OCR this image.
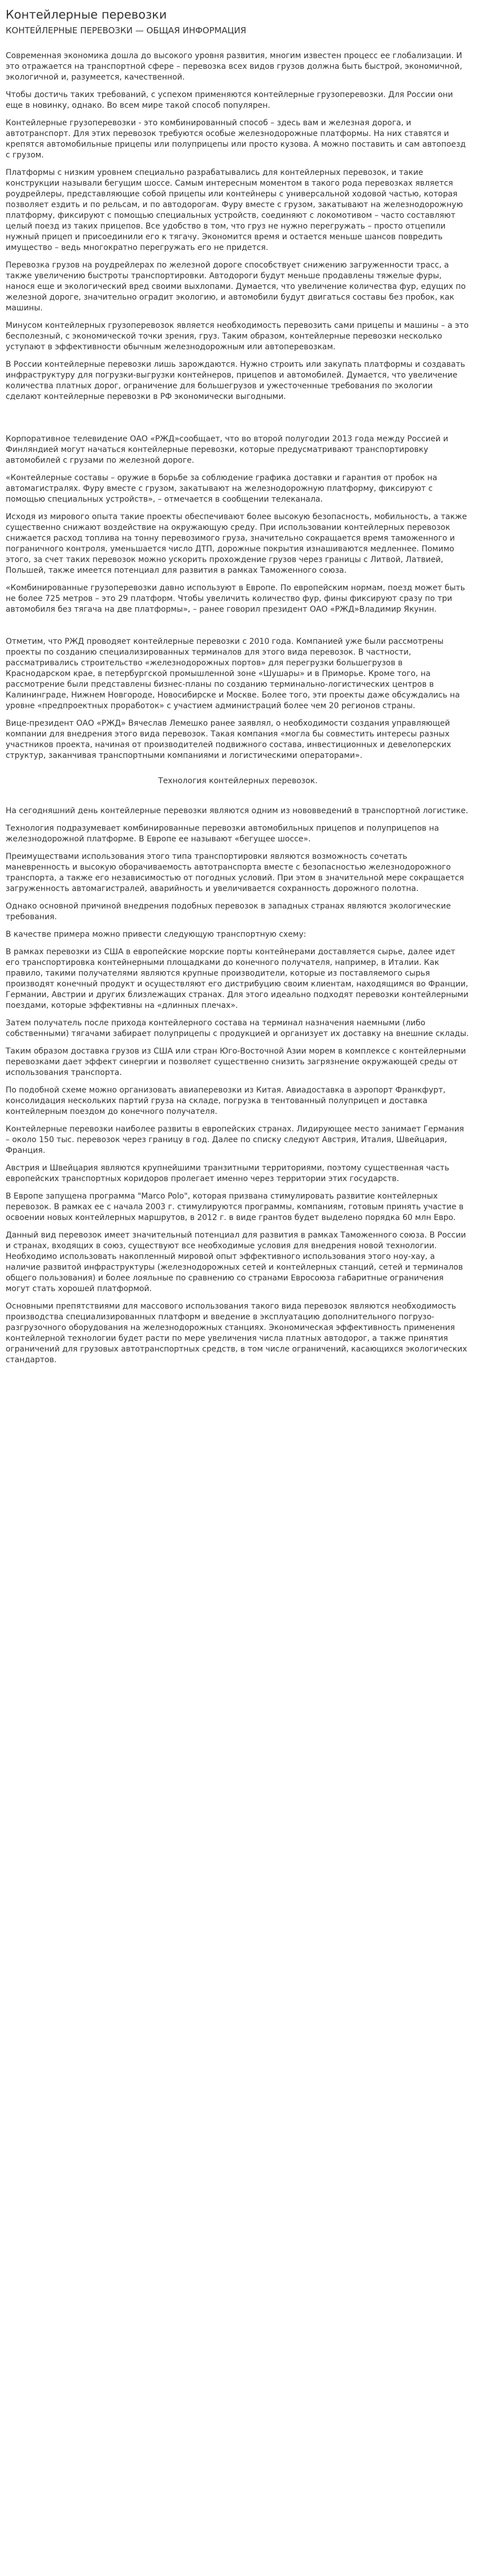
Контейлерные перевозки
КОНТЕЙЛЕРНЫЕ ПЕРЕВОЗКИ — ОБЩАЯ ИНФОРМАЦИЯ

Современная экономика дошла до высокого уровня развития, многим известен процесс ее глобализации. И это отражается на транспортной сфере – перевозка всех видов грузов должна быть быстрой, экономичной, экологичной и, разумеется, качественной.

Чтобы достичь таких требований, с успехом применяются контейлерные грузоперевозки. Для России они еще в новинку, однако. Во всем мире такой способ популярен.

Контейлерные грузоперевозки - это комбинированный способ – здесь вам и железная дорога, и автотранспорт. Для этих перевозок требуются особые железнодорожные платформы. На них ставятся и крепятся автомобильные прицепы или полуприцепы или просто кузова. А можно поставить и сам автопоезд с грузом.

Платформы с низким уровнем специально разрабатывались для контейлерных перевозок, и такие конструкции называли бегущим шоссе. Самым интересным моментом в такого рода перевозках является роудрейлеры, представляющие собой прицепы или контейнеры с универсальной ходовой частью, которая позволяет ездить и по рельсам, и по автодорогам. Фуру вместе с грузом, закатывают на железнодорожную платформу, фиксируют с помощью специальных устройств, соединяют с локомотивом – часто составляют целый поезд из таких прицепов. Все удобство в том, что груз не нужно перегружать – просто отцепили нужный прицеп и присоединили его к тягачу. Экономится время и остается меньше шансов повредить имущество – ведь многократно перегружать его не придется.

Перевозка грузов на роудрейлерах по железной дороге способствует снижению загруженности трасс, а также увеличению быстроты транспортировки. Автодороги будут меньше продавлены тяжелые фуры, нанося еще и экологический вред своими выхлопами. Думается, что увеличение количества фур, едущих по железной дороге, значительно оградит экологию, и автомобили будут двигаться составы без пробок, как машины.

Минусом контейлерных грузоперевозок является необходимость перевозить сами прицепы и машины – а это бесполезный, с экономической точки зрения, груз. Таким образом, контейлерные перевозки несколько уступают в эффективности обычным железнодорожным или автоперевозкам.

В России контейлерные перевозки лишь зарождаются. Нужно строить или закупать платформы и создавать инфраструктуру для погрузки-выгрузки контейнеров, прицепов и автомобилей. Думается, что увеличение количества платных дорог, ограничение для большегрузов и ужесточенные требования по экологии сделают контейлерные перевозки в РФ экономически выгодными.

Корпоративное телевидение ОАО «РЖД»сообщает, что во второй полугодии 2013 года между Россией и Финляндией могут начаться контейлерные перевозки, которые предусматривают транспортировку автомобилей с грузами по железной дороге.

«Контейлерные составы – оружие в борьбе за соблюдение графика доставки и гарантия от пробок на автомагистралях. Фуру вместе с грузом, закатывают на железнодорожную платформу, фиксируют с помощью специальных устройств», – отмечается в сообщении телеканала.

Исходя из мирового опыта такие проекты обеспечивают более высокую безопасность, мобильность, а также существенно снижают воздействие на окружающую среду. При использовании контейлерных перевозок снижается расход топлива на тонну перевозимого груза, значительно сокращается время таможенного и пограничного контроля, уменьшается число ДТП, дорожные покрытия изнашиваются медленнее. Помимо этого, за счет таких перевозок можно ускорить прохождение грузов через границы с Литвой, Латвией, Польшей, также имеется потенциал для развития в рамках Таможенного союза.

«Комбинированные грузоперевозки давно используют в Европе. По европейским нормам, поезд может быть не более 725 метров – это 29 платформ. Чтобы увеличить количество фур, фины фиксируют сразу по три автомобиля без тягача на две платформы», – ранее говорил президент ОАО «РЖД»Владимир Якунин.

Отметим, что РЖД проводяет контейлерные перевозки с 2010 года. Компанией уже были рассмотрены проекты по созданию специализированных терминалов для этого вида перевозок. В частности, рассматривались строительство «железнодорожных портов» для перегрузки большегрузов в Краснодарском крае, в петербургской промышленной зоне «Шушары» и в Приморье. Кроме того, на рассмотрение были представлены бизнес-планы по созданию терминально-логистических центров в Калининграде, Нижнем Новгороде, Новосибирске и Москве. Более того, эти проекты даже обсуждались на уровне «предпроектных проработок» с участием администраций более чем 20 регионов страны.

Вице-президент ОАО «РЖД» Вячеслав Лемешко ранее заявлял, о необходимости создания управляющей компании для внедрения этого вида перевозок. Такая компания «могла бы совместить интересы разных участников проекта, начиная от производителей подвижного состава, инвестиционных и девелоперских структур, заканчивая транспортными компаниями и логистическими операторами».

Технология контейлерных перевозок.

На сегодняшний день контейлерные перевозки являются одним из нововведений в транспортной логистике.

Технология подразумевает комбинированные перевозки автомобильных прицепов и полуприцепов на железнодорожной платформе. В Европе ее называют «бегущее шоссе».

Преимуществами использования этого типа транспортировки являются возможность сочетать маневренность и высокую оборачиваемость автотранспорта вместе с безопасностью железнодорожного транспорта, а также его независимостью от погодных условий. При этом в значительной мере сокращается загруженность автомагистралей, аварийность и увеличивается сохранность дорожного полотна.

Однако основной причиной внедрения подобных перевозок в западных странах являются экологические требования.

В качестве примера можно привести следующую транспортную схему:

В рамках перевозки из США в европейские морские порты контейнерами доставляется сырье, далее идет его транспортировка контейнерными площадками до конечного получателя, например, в Италии. Как правило, такими получателями являются крупные производители, которые из поставляемого сырья производят конечный продукт и осуществляют его дистрибуцию своим клиентам, находящимся во Франции, Германии, Австрии и других близлежащих странах. Для этого идеально подходят перевозки контейлерными поездами, которые эффективны на «длинных плечах».

Затем получатель после прихода контейлерного состава на терминал назначения наемными (либо собственными) тягачами забирает полуприцепы с продукцией и организует их доставку на внешние склады.

Таким образом доставка грузов из США или стран Юго-Восточной Азии морем в комплексе с контейлерными перевозками дает эффект синергии и позволяет существенно снизить загрязнение окружающей среды от использования транспорта.

По подобной схеме можно организовать авиаперевозки из Китая. Авиадоставка в аэропорт Франкфурт, консолидация нескольких партий груза на складе, погрузка в тентованный полуприцеп и доставка контейлерным поездом до конечного получателя.

Контейлерные перевозки наиболее развиты в европейских странах. Лидирующее место занимает Германия – около 150 тыс. перевозок через границу в год. Далее по списку следуют Австрия, Италия, Швейцария, Франция.

Австрия и Швейцария являются крупнейшими транзитными территориями, поэтому существенная часть европейских транспортных коридоров пролегает именно через территории этих государств.

В Европе запущена программа "Marco Polo", которая призвана стимулировать развитие контейлерных перевозок. В рамках ее с начала 2003 г. стимулируются программы, компаниям, готовым принять участие в освоении новых контейлерных маршрутов, в 2012 г. в виде грантов будет выделено порядка 60 млн Евро.

Данный вид перевозок имеет значительный потенциал для развития в рамках Таможенного союза. В России и странах, входящих в союз, существуют все необходимые условия для внедрения новой технологии. Необходимо использовать накопленный мировой опыт эффективного использования этого ноу-хау, а наличие развитой инфраструктуры (железнодорожных сетей и контейлерных станций, сетей и терминалов общего пользования) и более лояльные по сравнению со странами Евросоюза габаритные ограничения могут стать хорошей платформой.

Основными препятствиями для массового использования такого вида перевозок являются необходимость производства специализированных платформ и введение в эксплуатацию дополнительного погрузо-разгрузочного оборудования на железнодорожных станциях. Экономическая эффективность применения контейлерной технологии будет расти по мере увеличения числа платных автодорог, а также принятия ограничений для грузовых автотранспортных средств, в том числе ограничений, касающихся экологических стандартов.
